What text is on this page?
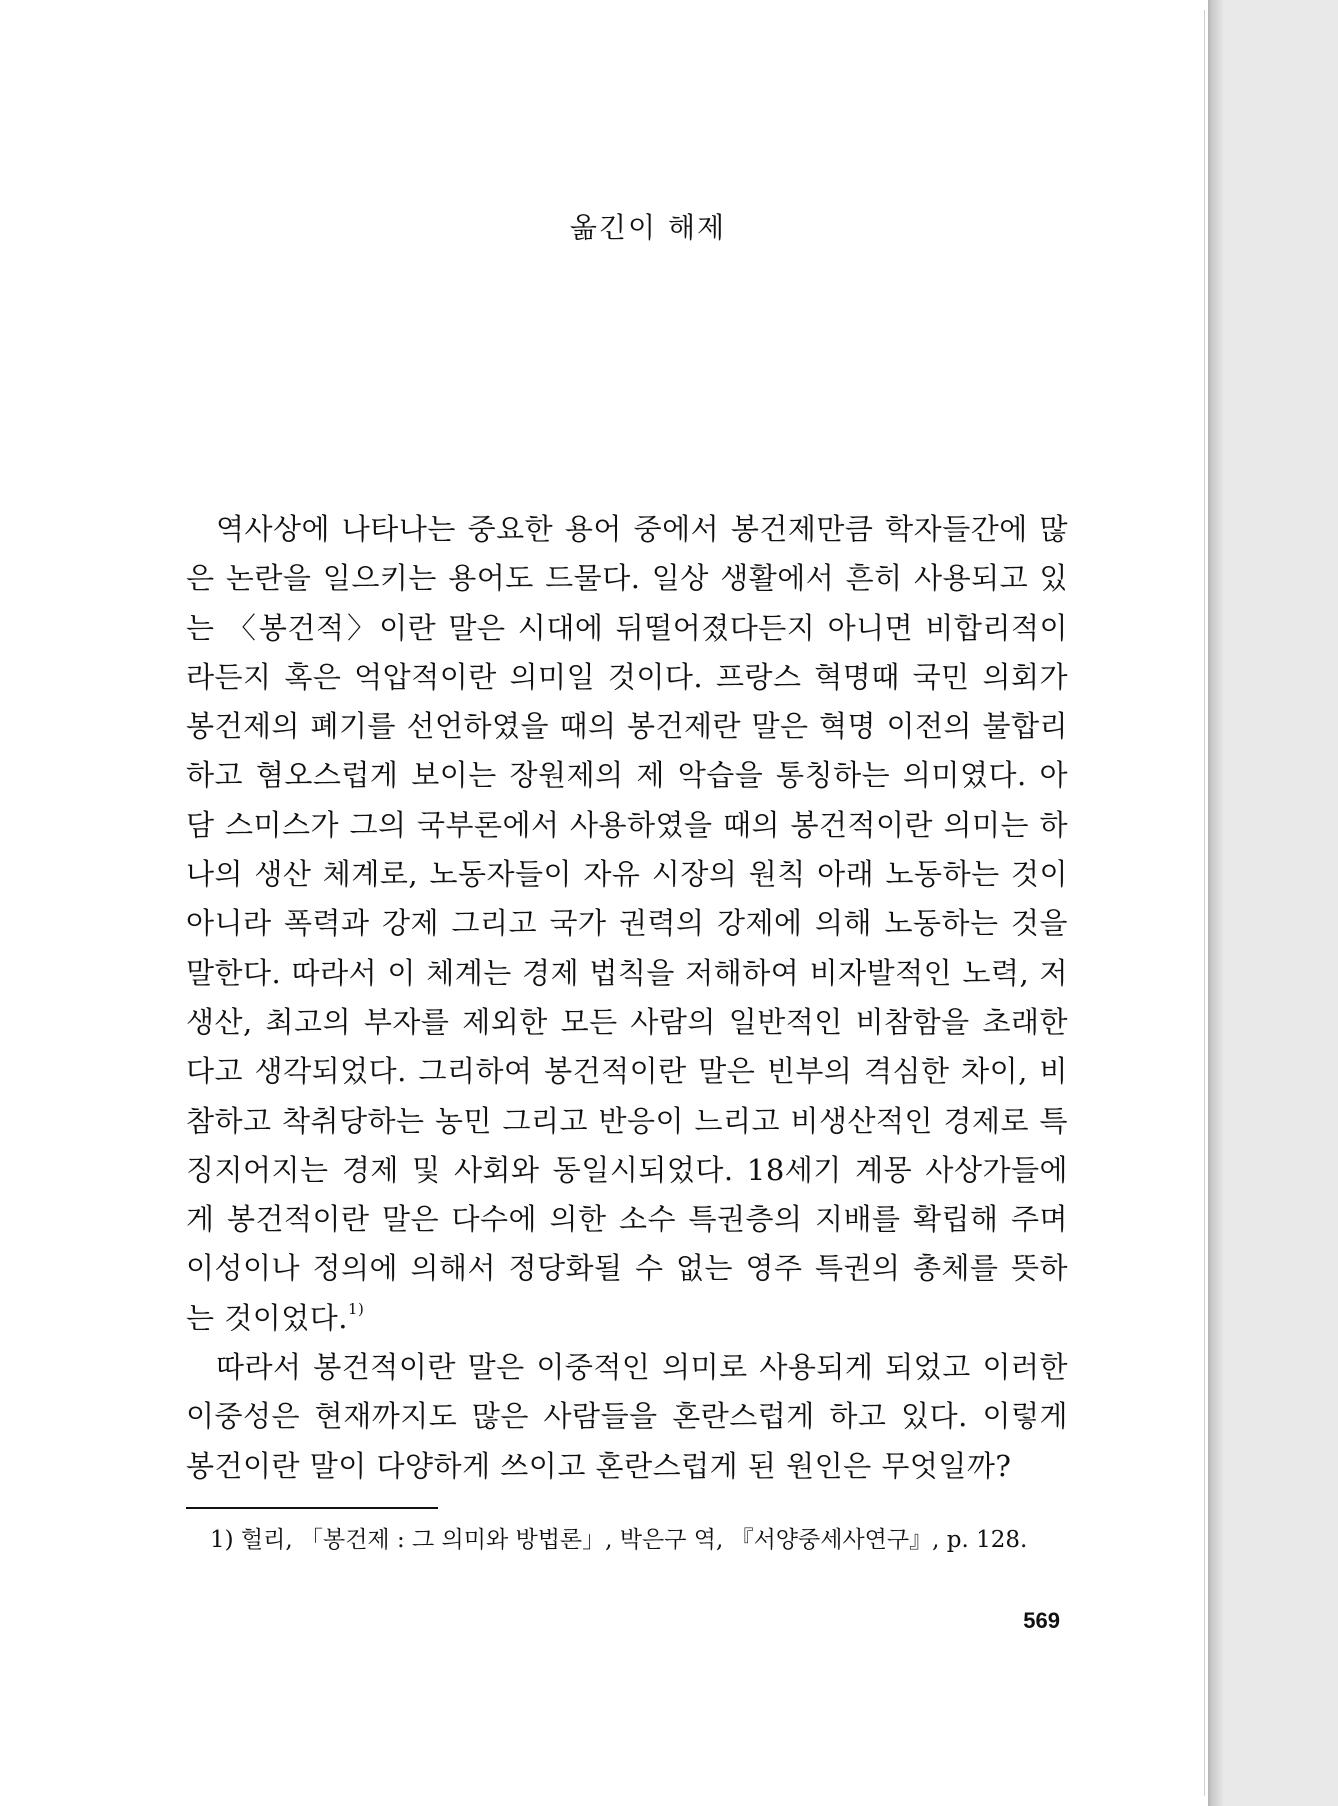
옮긴이 해제

역사상에 나타나는 중요한 용어 중에서 봉건제만큼 학자들간에 많은 논란을 일으키는 용어도 드물다. 일상 생활에서 흔히 사용되고 있는 〈봉건적〉이란 말은 시대에 뒤떨어졌다든지 아니면 비합리적이라든지 혹은 억압적이란 의미일 것이다. 프랑스 혁명때 국민 의회가 봉건제의 폐기를 선언하였을 때의 봉건제란 말은 혁명 이전의 불합리하고 혐오스럽게 보이는 장원제의 제 악습을 통칭하는 의미였다. 아담 스미스가 그의 국부론에서 사용하였을 때의 봉건적이란 의미는 하나의 생산 체계로, 노동자들이 자유 시장의 원칙 아래 노동하는 것이 아니라 폭력과 강제 그리고 국가 권력의 강제에 의해 노동하는 것을 말한다. 따라서 이 체계는 경제 법칙을 저해하여 비자발적인 노력, 저생산, 최고의 부자를 제외한 모든 사람의 일반적인 비참함을 초래한다고 생각되었다. 그리하여 봉건적이란 말은 빈부의 격심한 차이, 비참하고 착취당하는 농민 그리고 반응이 느리고 비생산적인 경제로 특징지어지는 경제 및 사회와 동일시되었다. 18세기 계몽 사상가들에게 봉건적이란 말은 다수에 의한 소수 특권층의 지배를 확립해 주며 이성이나 정의에 의해서 정당화될 수 없는 영주 특권의 총체를 뜻하는 것이었다.$^{1)}$

따라서 봉건적이란 말은 이중적인 의미로 사용되게 되었고 이러한 이중성은 현재까지도 많은 사람들을 혼란스럽게 하고 있다. 이렇게 봉건이란 말이 다양하게 쓰이고 혼란스럽게 된 원인은 무엇일까?

1) 헐리, 「봉건제 : 그 의미와 방법론」, 박은구 역, 『서양중세사연구』, p. 128.
569
